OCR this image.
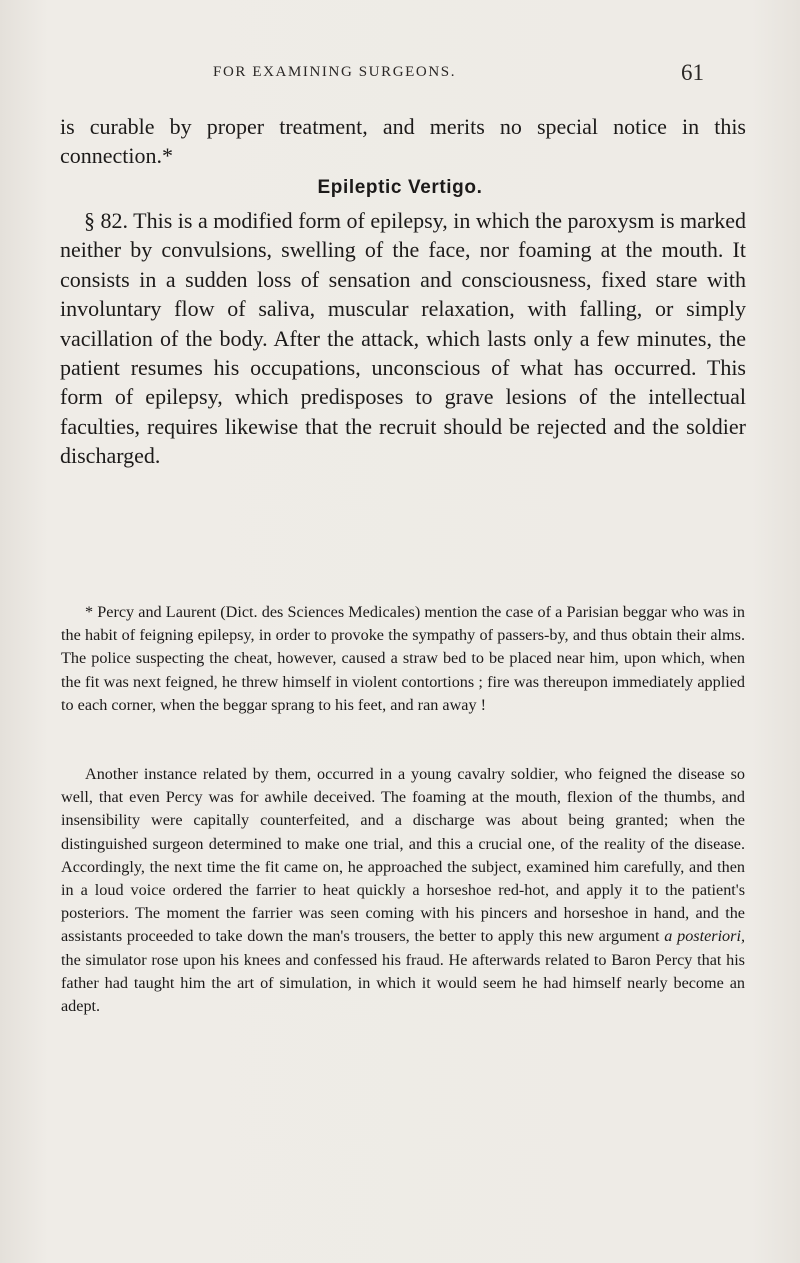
FOR EXAMINING SURGEONS.	61
is curable by proper treatment, and merits no special notice in this connection.*
Epileptic Vertigo.

§ 82. This is a modified form of epilepsy, in which the paroxysm is marked neither by convulsions, swelling of the face, nor foaming at the mouth. It consists in a sudden loss of sensation and consciousness, fixed stare with involuntary flow of saliva, muscular relaxation, with falling, or simply vacillation of the body. After the attack, which lasts only a few minutes, the patient resumes his occupations, unconscious of what has occurred. This form of epilepsy, which predisposes to grave lesions of the intellectual faculties, requires likewise that the recruit should be rejected and the soldier discharged.

* Percy and Laurent (Dict. des Sciences Medicales) mention the case of a Parisian beggar who was in the habit of feigning epilepsy, in order to provoke the sympathy of passers-by, and thus obtain their alms. The police suspecting the cheat, however, caused a straw bed to be placed near him, upon which, when the fit was next feigned, he threw himself in violent contortions ; fire was thereupon immediately applied to each corner, when the beggar sprang to his feet, and ran away !

Another instance related by them, occurred in a young cavalry soldier, who feigned the disease so well, that even Percy was for awhile deceived. The foaming at the mouth, flexion of the thumbs, and insensibility were capitally counterfeited, and a discharge was about being granted; when the distinguished surgeon determined to make one trial, and this a crucial one, of the reality of the disease. Accordingly, the next time the fit came on, he approached the subject, examined him carefully, and then in a loud voice ordered the farrier to heat quickly a horseshoe red-hot, and apply it to the patient's posteriors. The moment the farrier was seen coming with his pincers and horseshoe in hand, and the assistants proceeded to take down the man's trousers, the better to apply this new argument a posteriori, the simulator rose upon his knees and confessed his fraud. He afterwards related to Baron Percy that his father had taught him the art of simulation, in which it would seem he had himself nearly become an adept.
